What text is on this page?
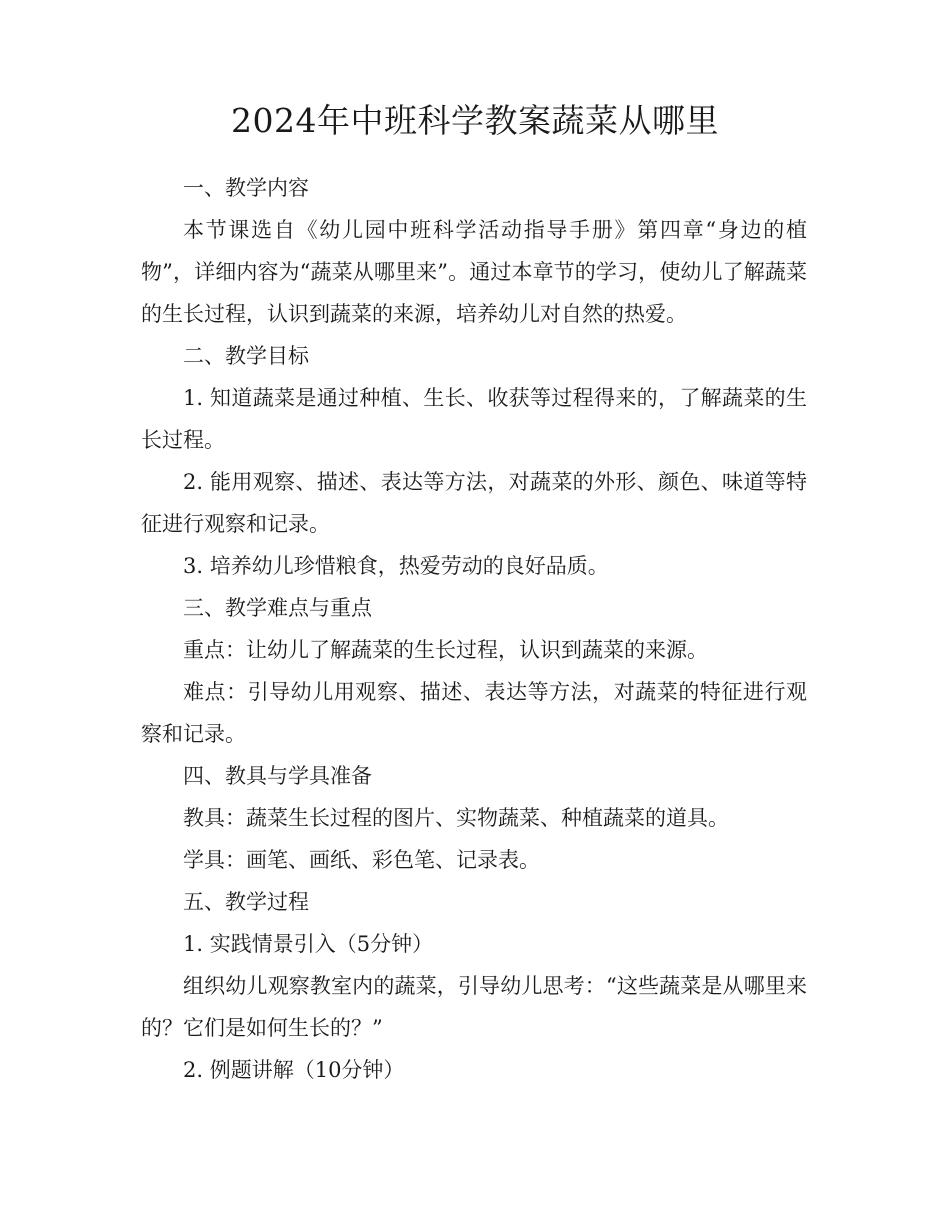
2024年中班科学教案蔬菜从哪里

一、教学内容

本节课选自《幼儿园中班科学活动指导手册》第四章“身边的植物”，详细内容为“蔬菜从哪里来”。通过本章节的学习，使幼儿了解蔬菜的生长过程，认识到蔬菜的来源，培养幼儿对自然的热爱。

二、教学目标

1. 知道蔬菜是通过种植、生长、收获等过程得来的，了解蔬菜的生长过程。

2. 能用观察、描述、表达等方法，对蔬菜的外形、颜色、味道等特征进行观察和记录。

3. 培养幼儿珍惜粮食，热爱劳动的良好品质。

三、教学难点与重点

重点：让幼儿了解蔬菜的生长过程，认识到蔬菜的来源。

难点：引导幼儿用观察、描述、表达等方法，对蔬菜的特征进行观察和记录。

四、教具与学具准备

教具：蔬菜生长过程的图片、实物蔬菜、种植蔬菜的道具。

学具：画笔、画纸、彩色笔、记录表。

五、教学过程

1. 实践情景引入（5分钟）

组织幼儿观察教室内的蔬菜，引导幼儿思考：“这些蔬菜是从哪里来的？它们是如何生长的？”

2. 例题讲解（10分钟）
